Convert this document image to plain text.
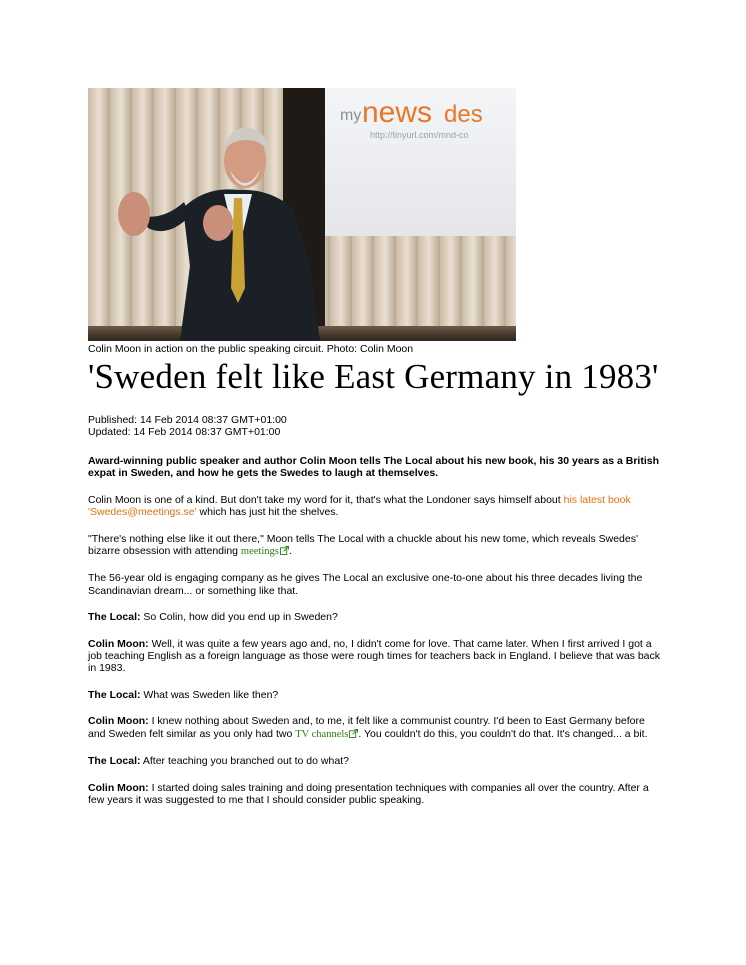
my news des
http://tinyurl.com/mnd-co
Colin Moon in action on the public speaking circuit. Photo: Colin Moon
'Sweden felt like East Germany in 1983'
Published: 14 Feb 2014 08:37 GMT+01:00
Updated: 14 Feb 2014 08:37 GMT+01:00

Award-winning public speaker and author Colin Moon tells The Local about his new book, his 30 years as a British expat in Sweden, and how he gets the Swedes to laugh at themselves.

Colin Moon is one of a kind. But don't take my word for it, that's what the Londoner says himself about his latest book 'Swedes@meetings.se' which has just hit the shelves.

"There's nothing else like it out there," Moon tells The Local with a chuckle about his new tome, which reveals Swedes' bizarre obsession with attending meetings .

The 56-year old is engaging company as he gives The Local an exclusive one-to-one about his three decades living the Scandinavian dream... or something like that.

The Local: So Colin, how did you end up in Sweden?

Colin Moon: Well, it was quite a few years ago and, no, I didn't come for love. That came later. When I first arrived I got a job teaching English as a foreign language as those were rough times for teachers back in England. I believe that was back in 1983.

The Local: What was Sweden like then?

Colin Moon: I knew nothing about Sweden and, to me, it felt like a communist country. I'd been to East Germany before and Sweden felt similar as you only had two TV channels . You couldn't do this, you couldn't do that. It's changed... a bit.

The Local: After teaching you branched out to do what?

Colin Moon: I started doing sales training and doing presentation techniques with companies all over the country. After a few years it was suggested to me that I should consider public speaking.
